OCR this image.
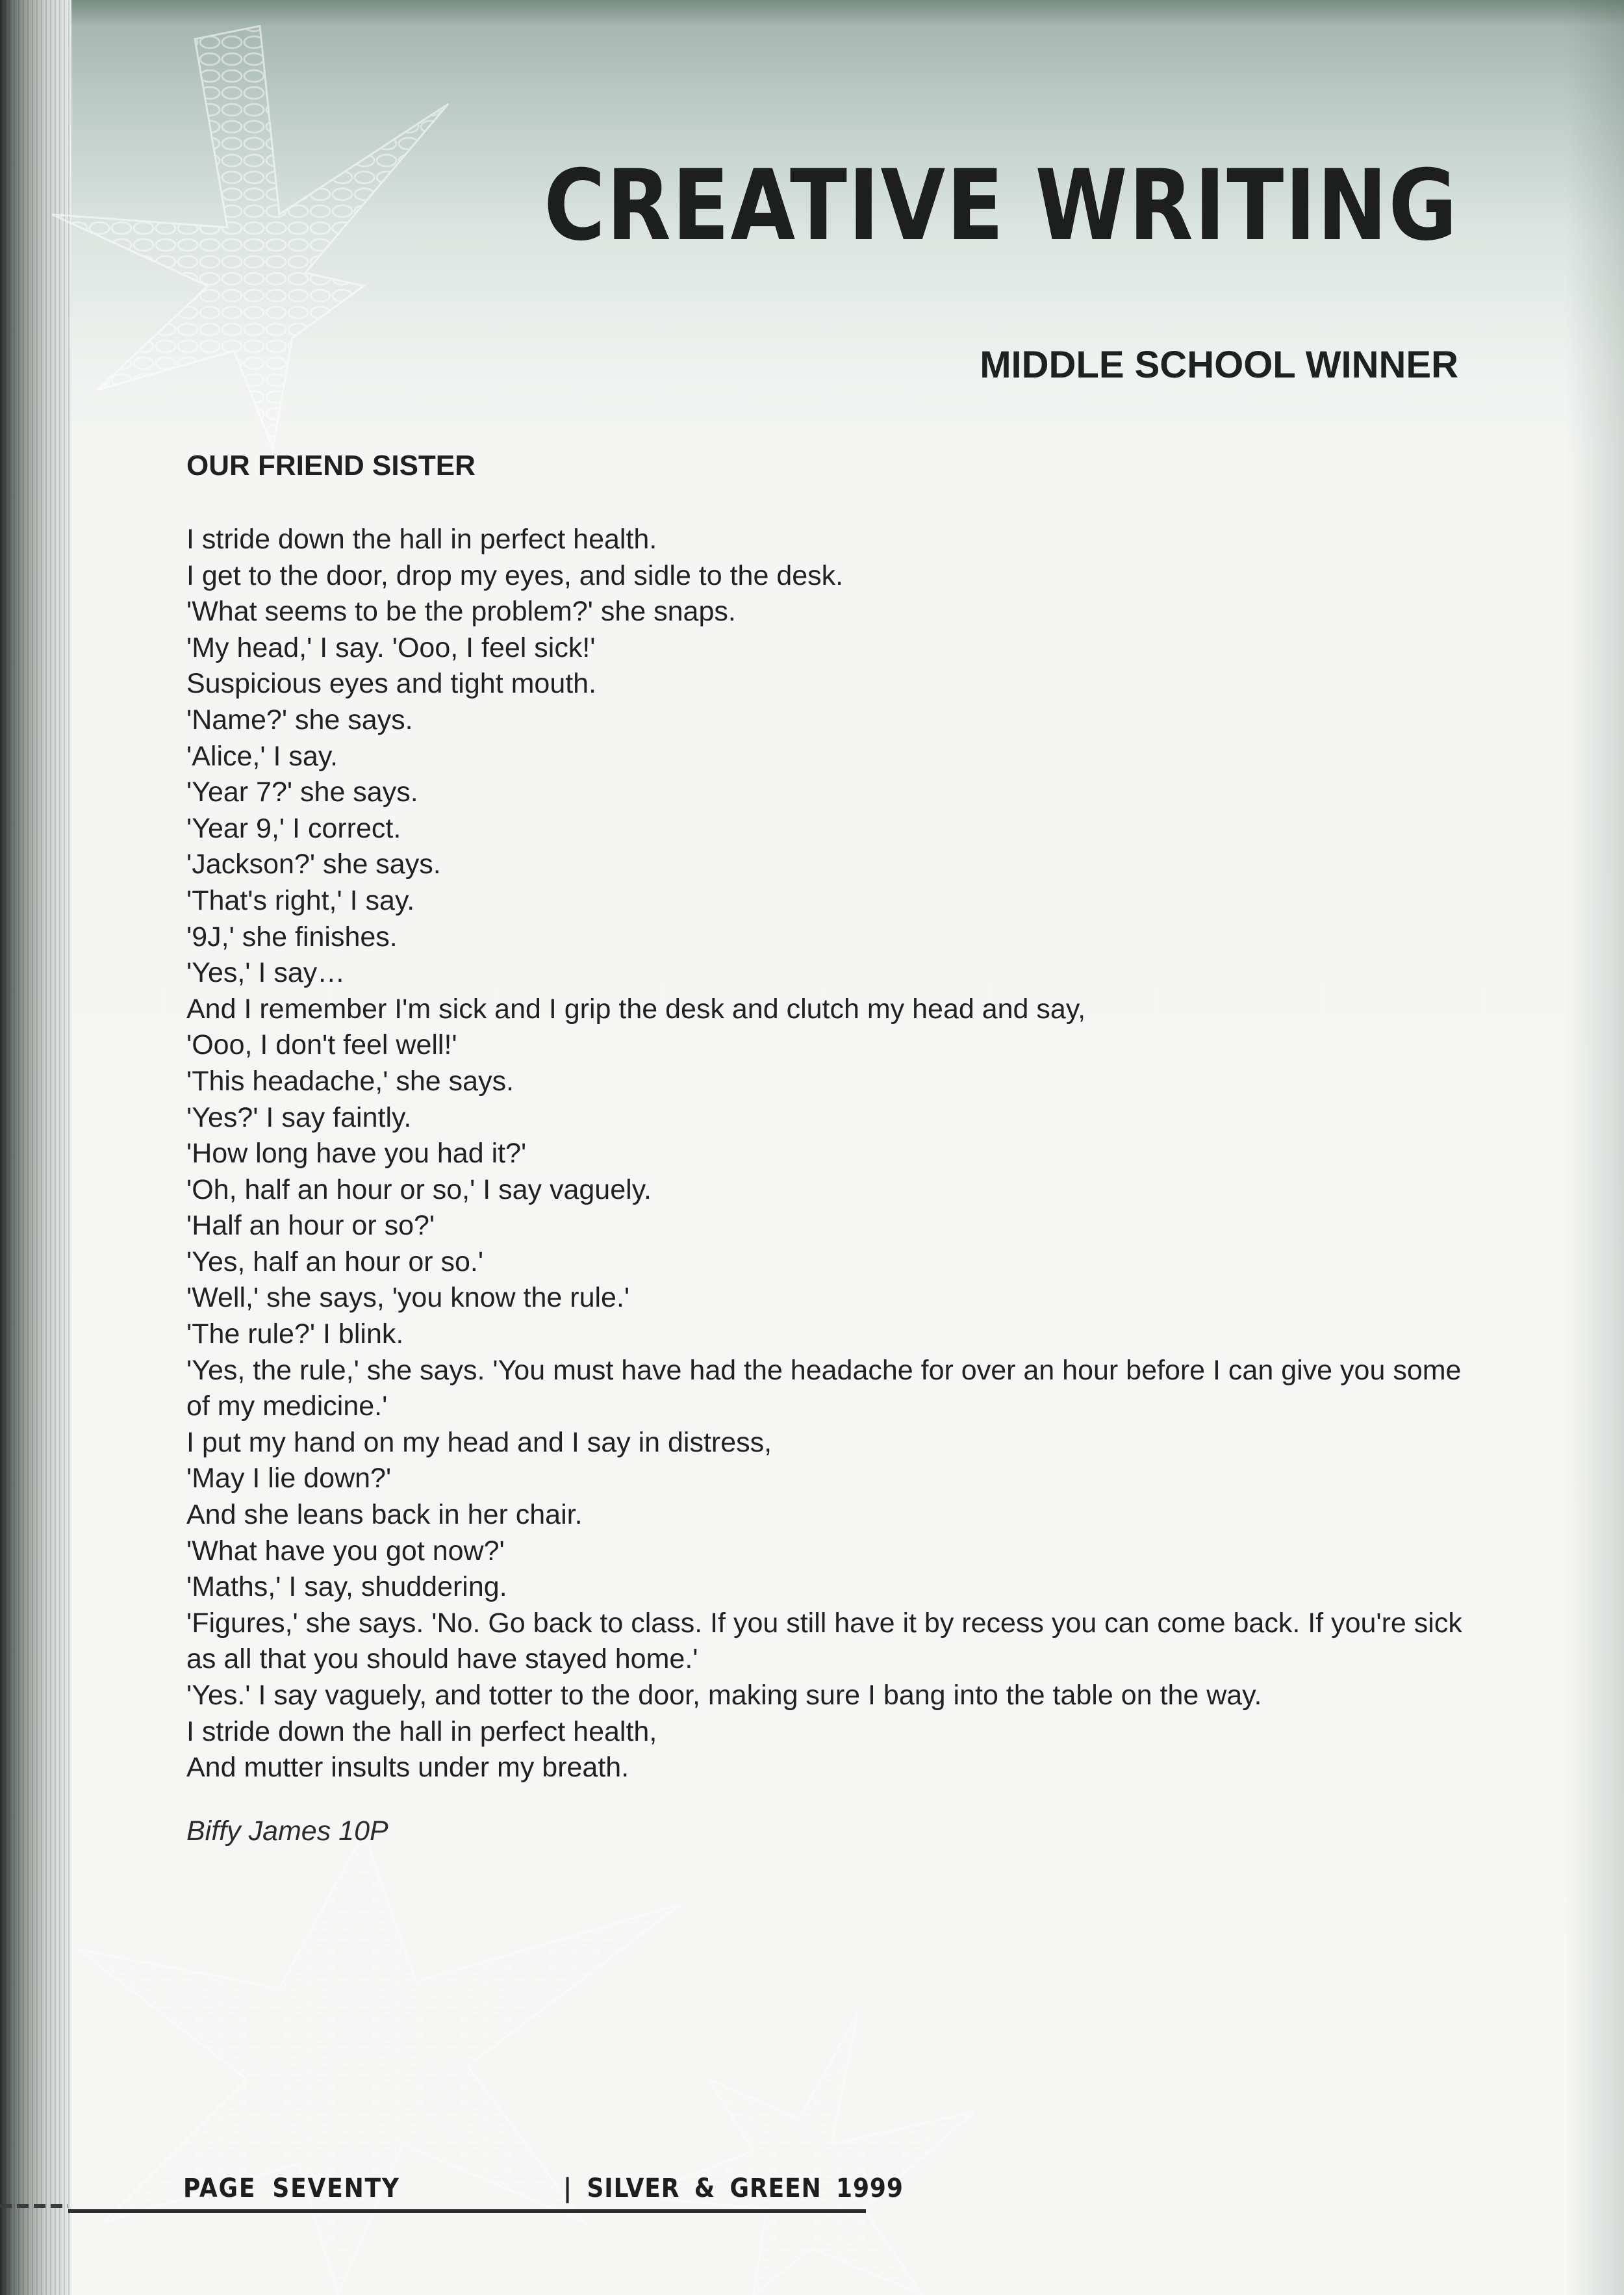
CREATIVE WRITING
MIDDLE SCHOOL WINNER
OUR FRIEND SISTER
I stride down the hall in perfect health.
I get to the door, drop my eyes, and sidle to the desk.
'What seems to be the problem?' she snaps.
'My head,' I say. 'Ooo, I feel sick!'
Suspicious eyes and tight mouth.
'Name?' she says.
'Alice,' I say.
'Year 7?' she says.
'Year 9,' I correct.
'Jackson?' she says.
'That's right,' I say.
'9J,' she finishes.
'Yes,' I say…
And I remember I'm sick and I grip the desk and clutch my head and say,
'Ooo, I don't feel well!'
'This headache,' she says.
'Yes?' I say faintly.
'How long have you had it?'
'Oh, half an hour or so,' I say vaguely.
'Half an hour or so?'
'Yes, half an hour or so.'
'Well,' she says, 'you know the rule.'
'The rule?' I blink.
'Yes, the rule,' she says. 'You must have had the headache for over an hour before I can give you some
of my medicine.'
I put my hand on my head and I say in distress,
'May I lie down?'
And she leans back in her chair.
'What have you got now?'
'Maths,' I say, shuddering.
'Figures,' she says. 'No. Go back to class. If you still have it by recess you can come back. If you're sick
as all that you should have stayed home.'
'Yes.' I say vaguely, and totter to the door, making sure I bang into the table on the way.
I stride down the hall in perfect health,
And mutter insults under my breath.

Biffy James 10P

PAGE SEVENTY	| SILVER & GREEN 1999
